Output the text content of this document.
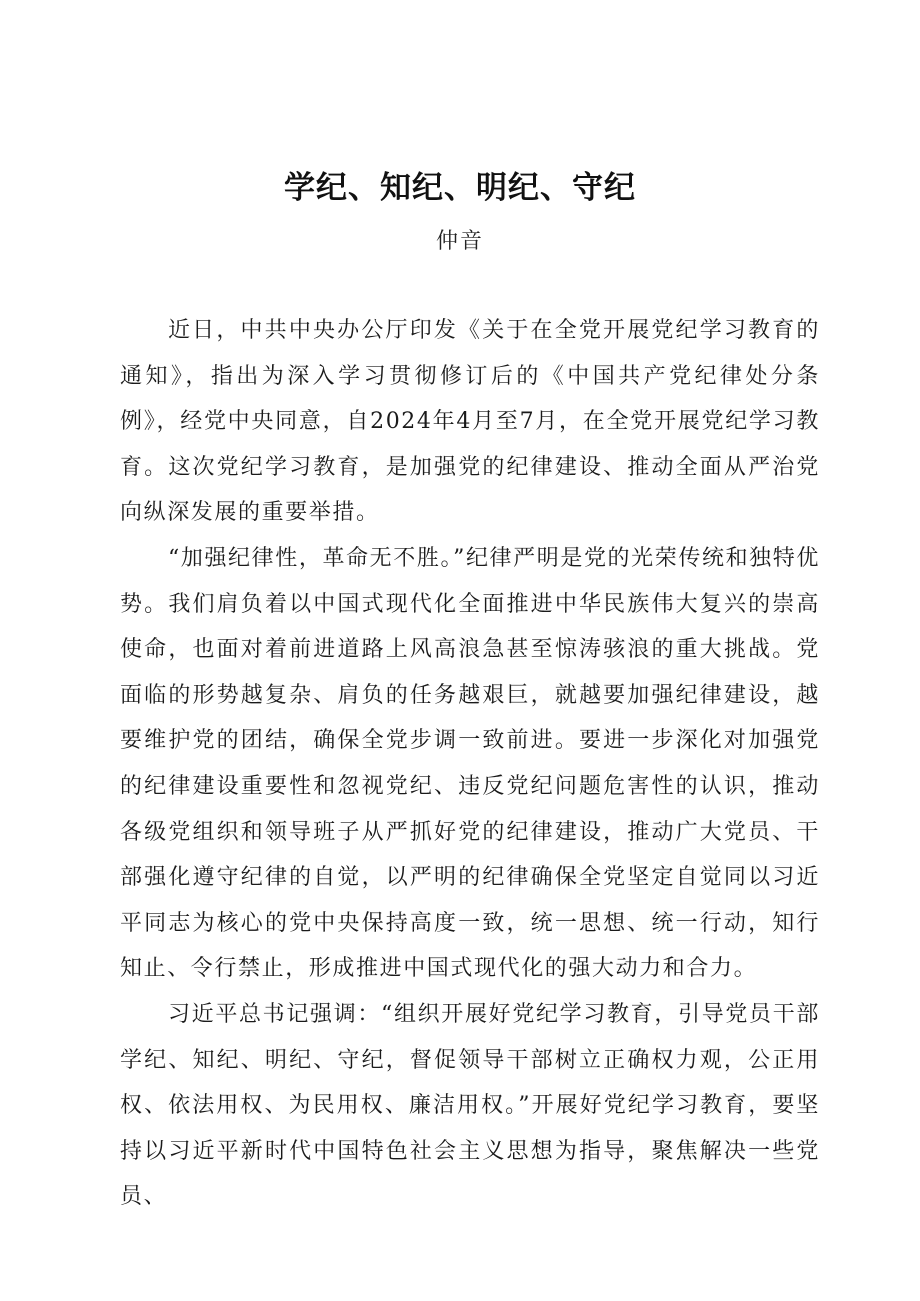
学纪、知纪、明纪、守纪
仲音

近日，中共中央办公厅印发《关于在全党开展党纪学习教育的通知》，指出为深入学习贯彻修订后的《中国共产党纪律处分条例》，经党中央同意，自2024年4月至7月，在全党开展党纪学习教育。这次党纪学习教育，是加强党的纪律建设、推动全面从严治党向纵深发展的重要举措。

“加强纪律性，革命无不胜。”纪律严明是党的光荣传统和独特优势。我们肩负着以中国式现代化全面推进中华民族伟大复兴的崇高使命，也面对着前进道路上风高浪急甚至惊涛骇浪的重大挑战。党面临的形势越复杂、肩负的任务越艰巨，就越要加强纪律建设，越要维护党的团结，确保全党步调一致前进。要进一步深化对加强党的纪律建设重要性和忽视党纪、违反党纪问题危害性的认识，推动各级党组织和领导班子从严抓好党的纪律建设，推动广大党员、干部强化遵守纪律的自觉，以严明的纪律确保全党坚定自觉同以习近平同志为核心的党中央保持高度一致，统一思想、统一行动，知行知止、令行禁止，形成推进中国式现代化的强大动力和合力。

习近平总书记强调：“组织开展好党纪学习教育，引导党员干部学纪、知纪、明纪、守纪，督促领导干部树立正确权力观，公正用权、依法用权、为民用权、廉洁用权。”开展好党纪学习教育，要坚持以习近平新时代中国特色社会主义思想为指导，聚焦解决一些党员、
